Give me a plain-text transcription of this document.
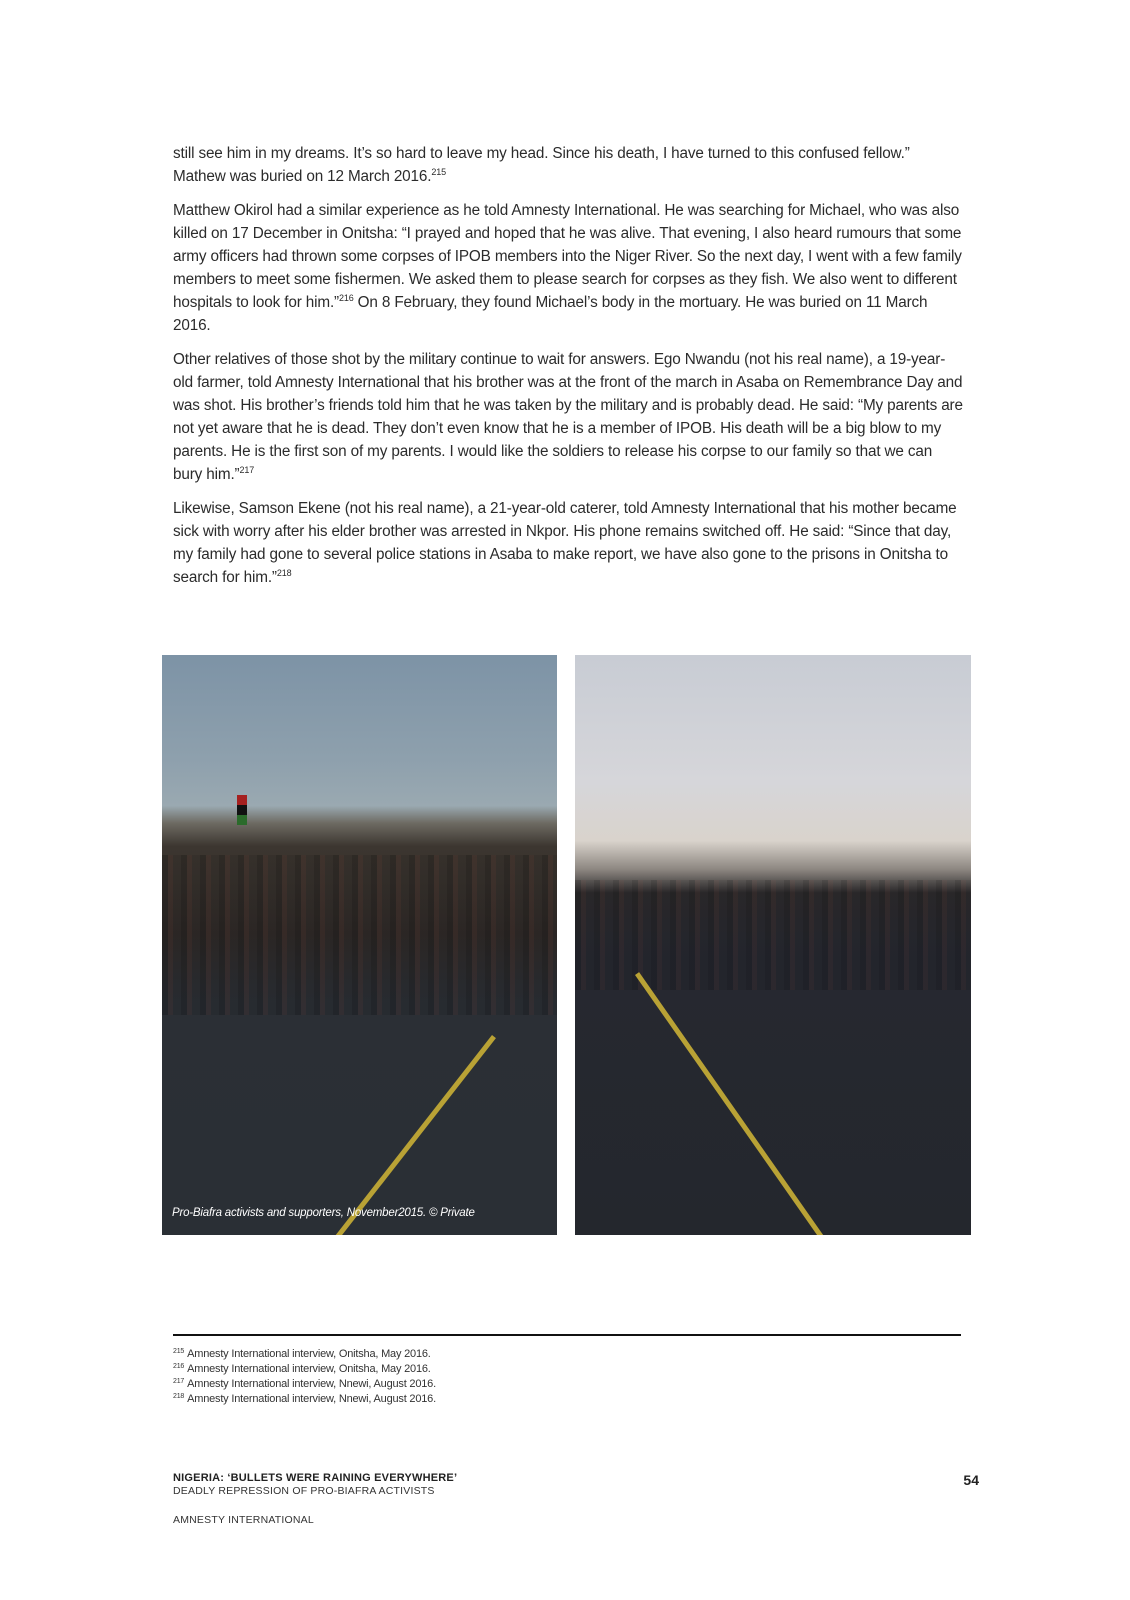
still see him in my dreams. It’s so hard to leave my head. Since his death, I have turned to this confused fellow.” Mathew was buried on 12 March 2016.$^{215}$

Matthew Okirol had a similar experience as he told Amnesty International. He was searching for Michael, who was also killed on 17 December in Onitsha: “I prayed and hoped that he was alive. That evening, I also heard rumours that some army officers had thrown some corpses of IPOB members into the Niger River. So the next day, I went with a few family members to meet some fishermen. We asked them to please search for corpses as they fish. We also went to different hospitals to look for him.”$^{216}$ On 8 February, they found Michael’s body in the mortuary. He was buried on 11 March 2016.

Other relatives of those shot by the military continue to wait for answers. Ego Nwandu (not his real name), a 19-year-old farmer, told Amnesty International that his brother was at the front of the march in Asaba on Remembrance Day and was shot. His brother’s friends told him that he was taken by the military and is probably dead. He said: “My parents are not yet aware that he is dead. They don’t even know that he is a member of IPOB. His death will be a big blow to my parents. He is the first son of my parents. I would like the soldiers to release his corpse to our family so that we can bury him.”$^{217}$

Likewise, Samson Ekene (not his real name), a 21-year-old caterer, told Amnesty International that his mother became sick with worry after his elder brother was arrested in Nkpor. His phone remains switched off. He said: “Since that day, my family had gone to several police stations in Asaba to make report, we have also gone to the prisons in Onitsha to search for him.”$^{218}$

Pro-Biafra activists and supporters, November2015. © Private
$^{215}$ Amnesty International interview, Onitsha, May 2016.
$^{216}$ Amnesty International interview, Onitsha, May 2016.
$^{217}$ Amnesty International interview, Nnewi, August 2016.
$^{218}$ Amnesty International interview, Nnewi, August 2016.
NIGERIA: ‘BULLETS WERE RAINING EVERYWHERE’
DEADLY REPRESSION OF PRO-BIAFRA ACTIVISTS
AMNESTY INTERNATIONAL
54
